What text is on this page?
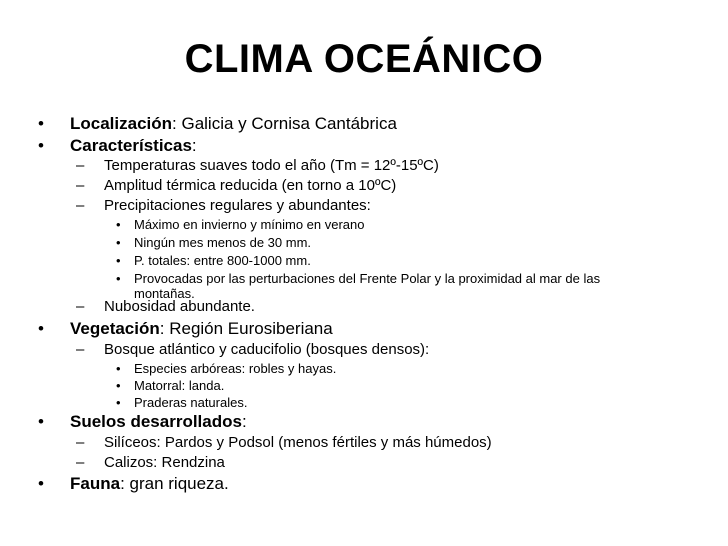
CLIMA OCEÁNICO
• Localización: Galicia y Cornisa Cantábrica
• Características:
– Temperaturas suaves todo el año (Tm = 12º-15ºC)
– Amplitud térmica reducida (en torno a 10ºC)
– Precipitaciones regulares y abundantes:
• Máximo en invierno y mínimo en verano
• Ningún mes menos de 30 mm.
• P. totales: entre 800-1000 mm.
• Provocadas por las perturbaciones del Frente Polar y la proximidad al mar de las montañas.
– Nubosidad abundante.
• Vegetación: Región Eurosiberiana
– Bosque atlántico y caducifolio (bosques densos):
• Especies arbóreas: robles y hayas.
• Matorral: landa.
• Praderas naturales.
• Suelos desarrollados:
– Silíceos: Pardos y Podsol (menos fértiles y más húmedos)
– Calizos: Rendzina
• Fauna: gran riqueza.
